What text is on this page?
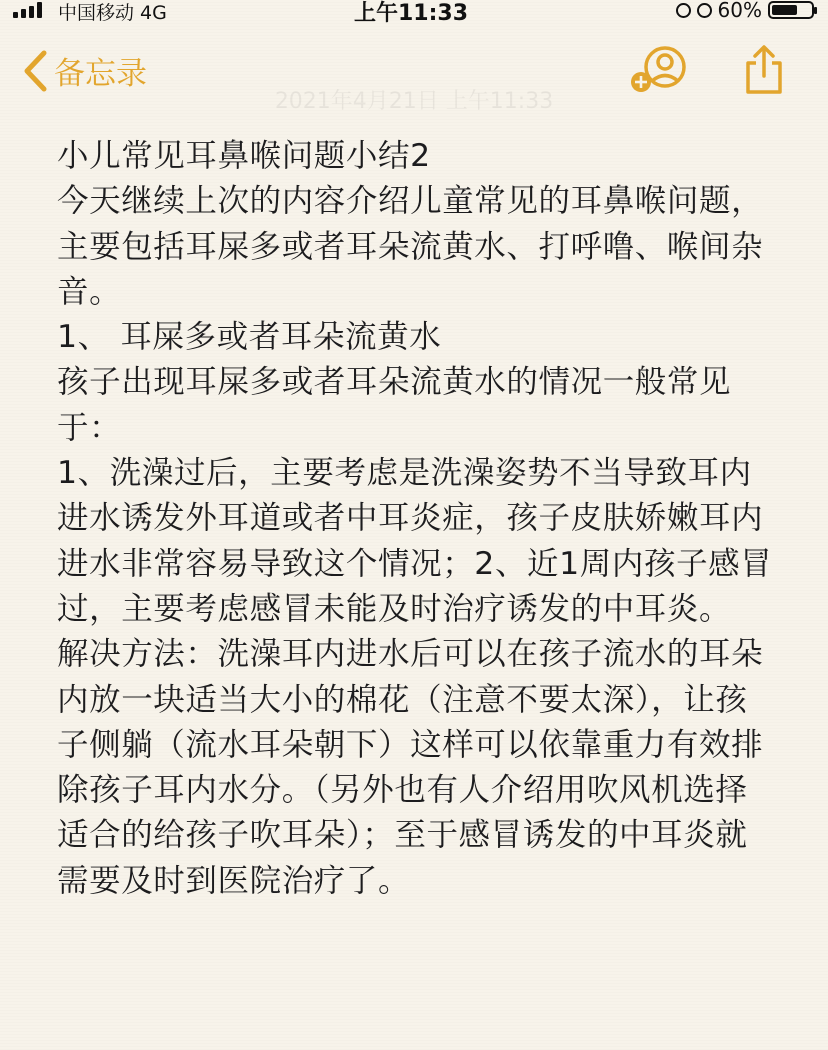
中国移动 4G	上午11:33	60%
备忘录
2021年4月21日 上午11:33

小儿常见耳鼻喉问题小结2

今天继续上次的内容介绍儿童常见的耳鼻喉问题，主要包括耳屎多或者耳朵流黄水、打呼噜、喉间杂音。

1、 耳屎多或者耳朵流黄水

孩子出现耳屎多或者耳朵流黄水的情况一般常见于：

1、洗澡过后，主要考虑是洗澡姿势不当导致耳内进水诱发外耳道或者中耳炎症，孩子皮肤娇嫩耳内进水非常容易导致这个情况；2、近1周内孩子感冒过，主要考虑感冒未能及时治疗诱发的中耳炎。

解决方法：洗澡耳内进水后可以在孩子流水的耳朵内放一块适当大小的棉花（注意不要太深），让孩子侧躺（流水耳朵朝下）这样可以依靠重力有效排除孩子耳内水分。（另外也有人介绍用吹风机选择适合的给孩子吹耳朵）；至于感冒诱发的中耳炎就需要及时到医院治疗了。
